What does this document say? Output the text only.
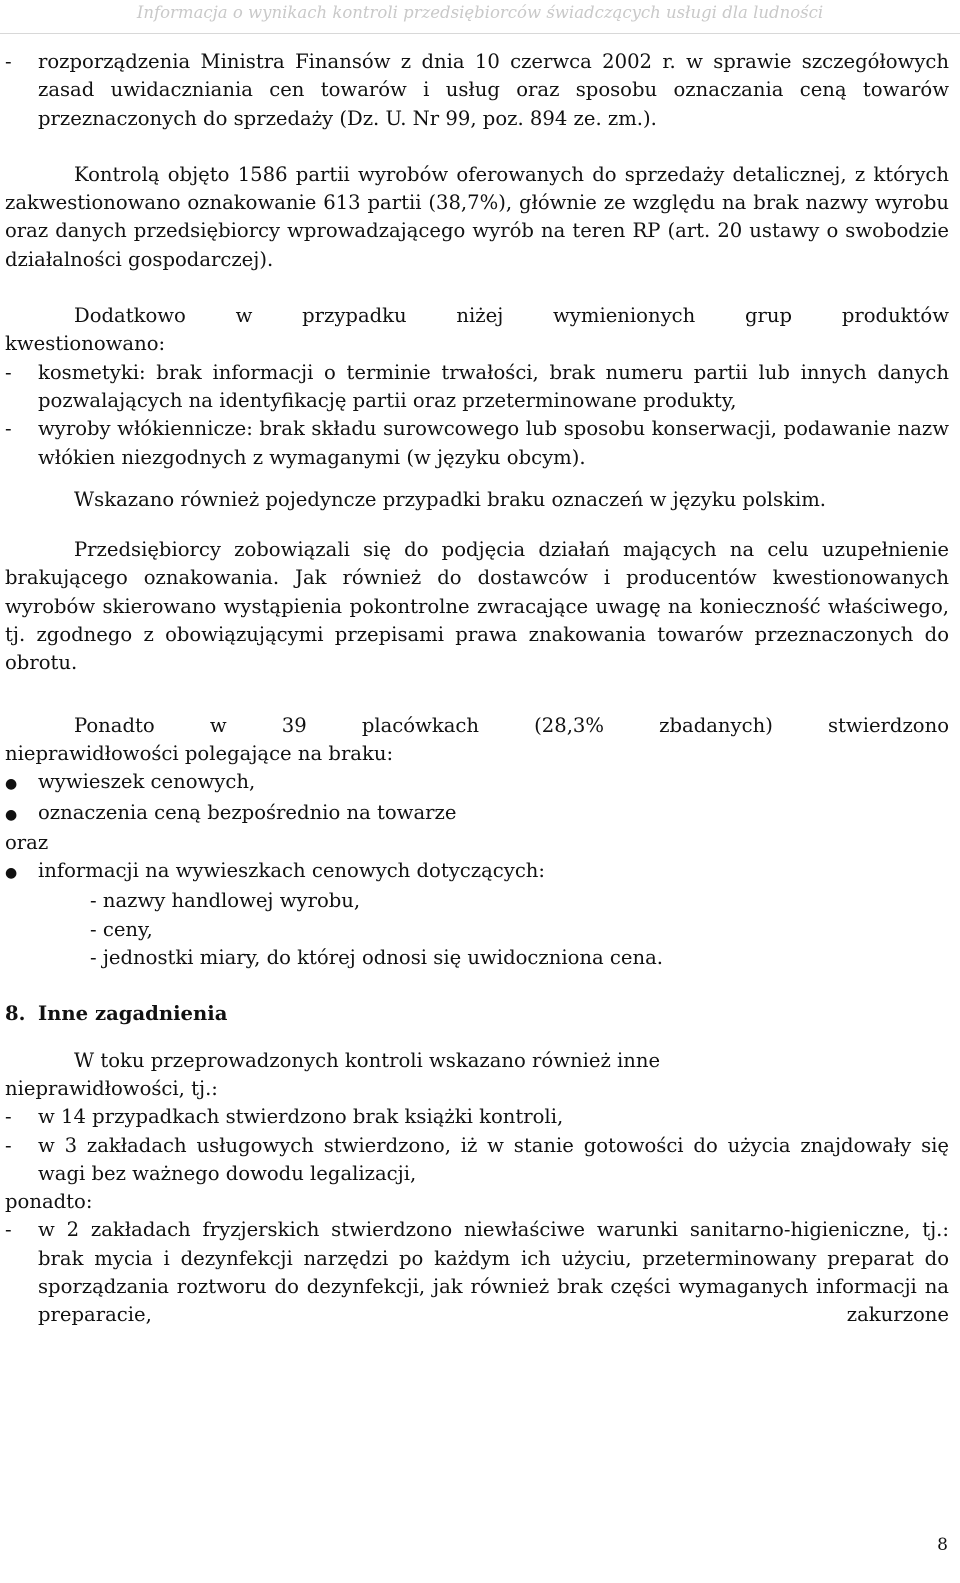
Informacja o wynikach kontroli przedsiębiorców świadczących usługi dla ludności
-	rozporządzenia Ministra Finansów z dnia 10 czerwca 2002 r. w sprawie szczegółowych zasad uwidaczniania cen towarów i usług oraz sposobu oznaczania ceną towarów przeznaczonych do sprzedaży (Dz. U. Nr 99, poz. 894 ze. zm.).

Kontrolą objęto 1586 partii wyrobów oferowanych do sprzedaży detalicznej, z których zakwestionowano oznakowanie 613 partii (38,7%), głównie ze względu na brak nazwy wyrobu oraz danych przedsiębiorcy wprowadzającego wyrób na teren RP (art. 20 ustawy o swobodzie działalności gospodarczej).

Dodatkowo w przypadku niżej wymienionych grup produktów
kwestionowano:
-	kosmetyki: brak informacji o terminie trwałości, brak numeru partii lub innych danych pozwalających na identyfikację partii oraz przeterminowane produkty,
-	wyroby włókiennicze: brak składu surowcowego lub sposobu konserwacji, podawanie nazw włókien niezgodnych z wymaganymi (w języku obcym).

Wskazano również pojedyncze przypadki braku oznaczeń w języku polskim.

Przedsiębiorcy zobowiązali się do podjęcia działań mających na celu uzupełnienie brakującego oznakowania. Jak również do dostawców i producentów kwestionowanych wyrobów skierowano wystąpienia pokontrolne zwracające uwagę na konieczność właściwego, tj. zgodnego z obowiązującymi przepisami prawa znakowania towarów przeznaczonych do obrotu.

Ponadto w 39 placówkach (28,3% zbadanych) stwierdzono
nieprawidłowości polegające na braku:
●	wywieszek cenowych,
●	oznaczenia ceną bezpośrednio na towarze
oraz
●	informacji na wywieszkach cenowych dotyczących:
- nazwy handlowej wyrobu,
- ceny,
- jednostki miary, do której odnosi się uwidoczniona cena.
8. Inne zagadnienia

W toku przeprowadzonych kontroli wskazano również inne nieprawidłowości, tj.:

-	w 14 przypadkach stwierdzono brak książki kontroli,
-	w 3 zakładach usługowych stwierdzono, iż w stanie gotowości do użycia znajdowały się wagi bez ważnego dowodu legalizacji,
ponadto:
-	w 2 zakładach fryzjerskich stwierdzono niewłaściwe warunki sanitarno-higieniczne, tj.: brak mycia i dezynfekcji narzędzi po każdym ich użyciu, przeterminowany preparat do sporządzania roztworu do dezynfekcji, jak również brak części wymaganych informacji na preparacie, zakurzone
8
